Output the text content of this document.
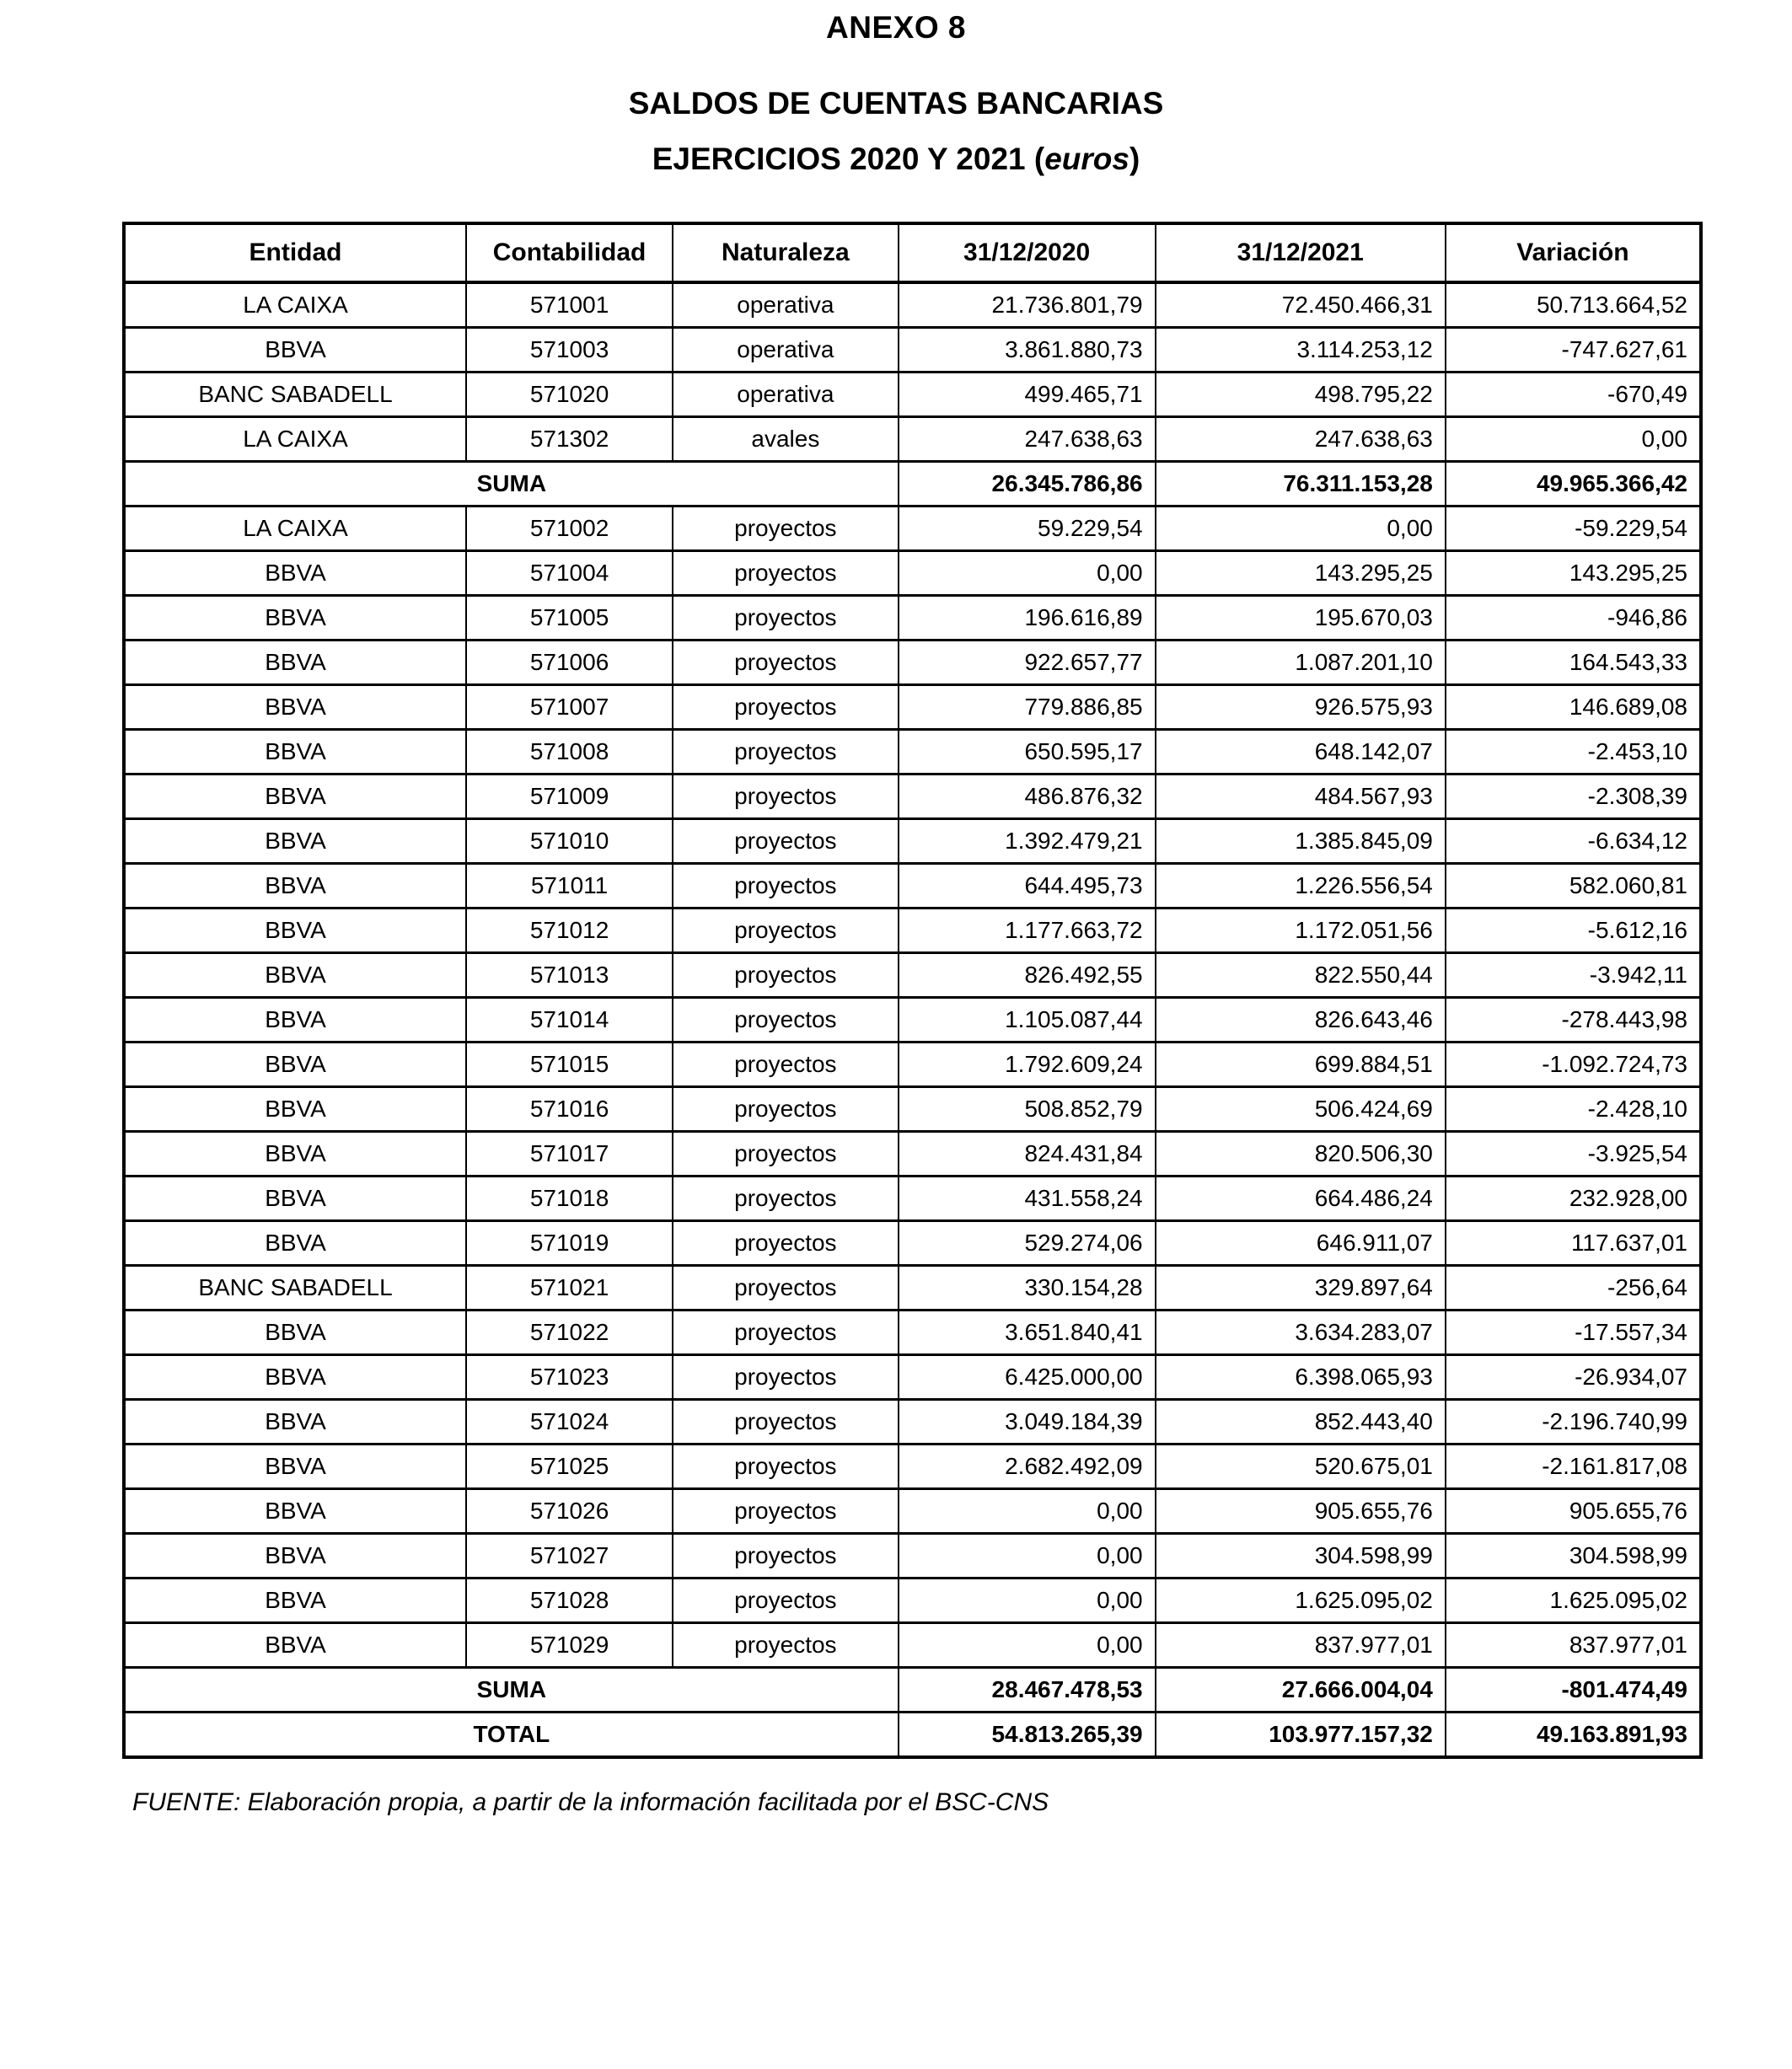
ANEXO 8
SALDOS DE CUENTAS BANCARIAS
EJERCICIOS 2020 Y 2021 (euros)
Entidad	Contabilidad	Naturaleza	31/12/2020	31/12/2021	Variación
LA CAIXA	571001	operativa	21.736.801,79	72.450.466,31	50.713.664,52
BBVA	571003	operativa	3.861.880,73	3.114.253,12	-747.627,61
BANC SABADELL	571020	operativa	499.465,71	498.795,22	-670,49
LA CAIXA	571302	avales	247.638,63	247.638,63	0,00
SUMA			26.345.786,86	76.311.153,28	49.965.366,42
LA CAIXA	571002	proyectos	59.229,54	0,00	-59.229,54
BBVA	571004	proyectos	0,00	143.295,25	143.295,25
BBVA	571005	proyectos	196.616,89	195.670,03	-946,86
BBVA	571006	proyectos	922.657,77	1.087.201,10	164.543,33
BBVA	571007	proyectos	779.886,85	926.575,93	146.689,08
BBVA	571008	proyectos	650.595,17	648.142,07	-2.453,10
BBVA	571009	proyectos	486.876,32	484.567,93	-2.308,39
BBVA	571010	proyectos	1.392.479,21	1.385.845,09	-6.634,12
BBVA	571011	proyectos	644.495,73	1.226.556,54	582.060,81
BBVA	571012	proyectos	1.177.663,72	1.172.051,56	-5.612,16
BBVA	571013	proyectos	826.492,55	822.550,44	-3.942,11
BBVA	571014	proyectos	1.105.087,44	826.643,46	-278.443,98
BBVA	571015	proyectos	1.792.609,24	699.884,51	-1.092.724,73
BBVA	571016	proyectos	508.852,79	506.424,69	-2.428,10
BBVA	571017	proyectos	824.431,84	820.506,30	-3.925,54
BBVA	571018	proyectos	431.558,24	664.486,24	232.928,00
BBVA	571019	proyectos	529.274,06	646.911,07	117.637,01
BANC SABADELL	571021	proyectos	330.154,28	329.897,64	-256,64
BBVA	571022	proyectos	3.651.840,41	3.634.283,07	-17.557,34
BBVA	571023	proyectos	6.425.000,00	6.398.065,93	-26.934,07
BBVA	571024	proyectos	3.049.184,39	852.443,40	-2.196.740,99
BBVA	571025	proyectos	2.682.492,09	520.675,01	-2.161.817,08
BBVA	571026	proyectos	0,00	905.655,76	905.655,76
BBVA	571027	proyectos	0,00	304.598,99	304.598,99
BBVA	571028	proyectos	0,00	1.625.095,02	1.625.095,02
BBVA	571029	proyectos	0,00	837.977,01	837.977,01
SUMA			28.467.478,53	27.666.004,04	-801.474,49
TOTAL			54.813.265,39	103.977.157,32	49.163.891,93
FUENTE: Elaboración propia, a partir de la información facilitada por el BSC-CNS
